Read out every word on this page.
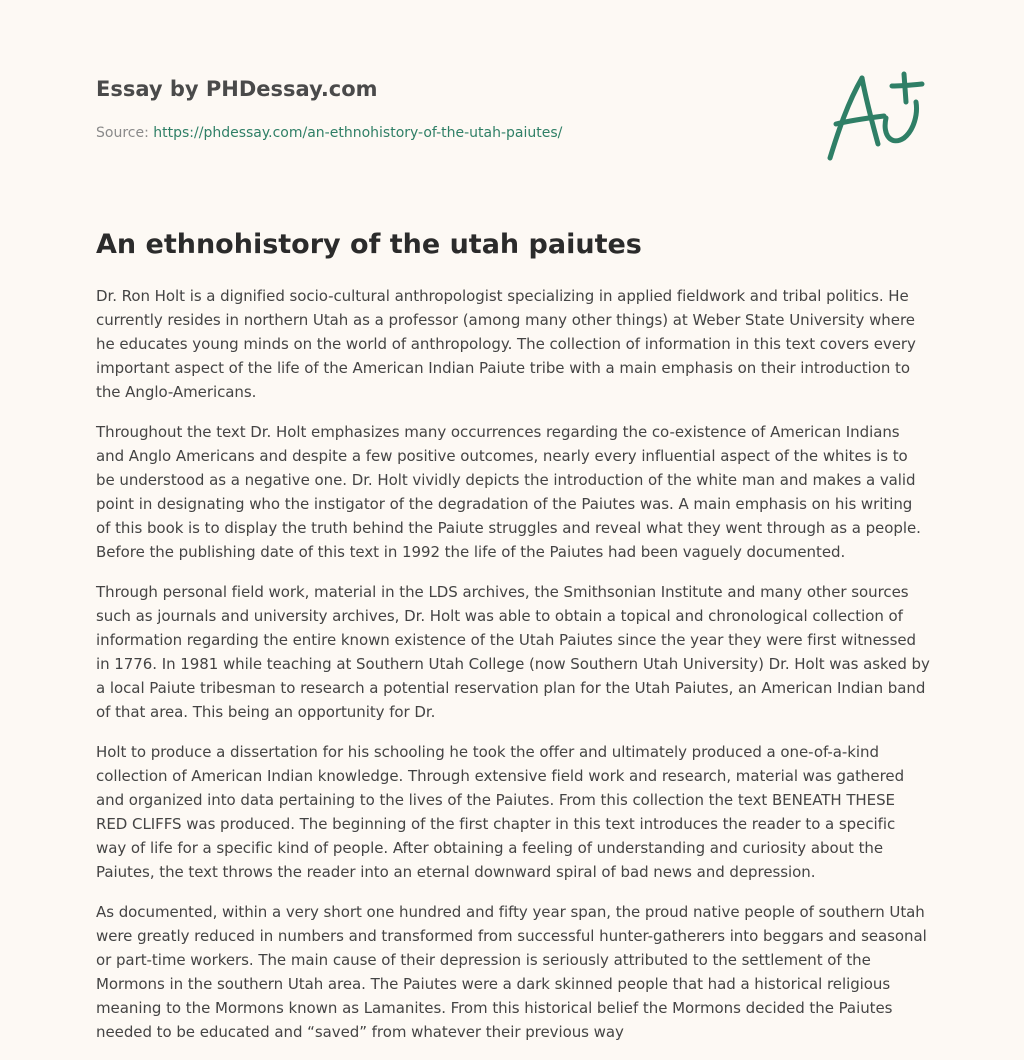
Essay by PHDessay.com
Source: https://phdessay.com/an-ethnohistory-of-the-utah-paiutes/
An ethnohistory of the utah paiutes

Dr. Ron Holt is a dignified socio-cultural anthropologist specializing in applied fieldwork and tribal politics. He currently resides in northern Utah as a professor (among many other things) at Weber State University where he educates young minds on the world of anthropology. The collection of information in this text covers every important aspect of the life of the American Indian Paiute tribe with a main emphasis on their introduction to the Anglo-Americans.

Throughout the text Dr. Holt emphasizes many occurrences regarding the co-existence of American Indians and Anglo Americans and despite a few positive outcomes, nearly every influential aspect of the whites is to be understood as a negative one. Dr. Holt vividly depicts the introduction of the white man and makes a valid point in designating who the instigator of the degradation of the Paiutes was. A main emphasis on his writing of this book is to display the truth behind the Paiute struggles and reveal what they went through as a people. Before the publishing date of this text in 1992 the life of the Paiutes had been vaguely documented.

Through personal field work, material in the LDS archives, the Smithsonian Institute and many other sources such as journals and university archives, Dr. Holt was able to obtain a topical and chronological collection of information regarding the entire known existence of the Utah Paiutes since the year they were first witnessed in 1776. In 1981 while teaching at Southern Utah College (now Southern Utah University) Dr. Holt was asked by a local Paiute tribesman to research a potential reservation plan for the Utah Paiutes, an American Indian band of that area. This being an opportunity for Dr.

Holt to produce a dissertation for his schooling he took the offer and ultimately produced a one-of-a-kind collection of American Indian knowledge. Through extensive field work and research, material was gathered and organized into data pertaining to the lives of the Paiutes. From this collection the text BENEATH THESE RED CLIFFS was produced. The beginning of the first chapter in this text introduces the reader to a specific way of life for a specific kind of people. After obtaining a feeling of understanding and curiosity about the Paiutes, the text throws the reader into an eternal downward spiral of bad news and depression.

As documented, within a very short one hundred and fifty year span, the proud native people of southern Utah were greatly reduced in numbers and transformed from successful hunter-gatherers into beggars and seasonal or part-time workers. The main cause of their depression is seriously attributed to the settlement of the Mormons in the southern Utah area. The Paiutes were a dark skinned people that had a historical religious meaning to the Mormons known as Lamanites. From this historical belief the Mormons decided the Paiutes needed to be educated and “saved” from whatever their previous way
